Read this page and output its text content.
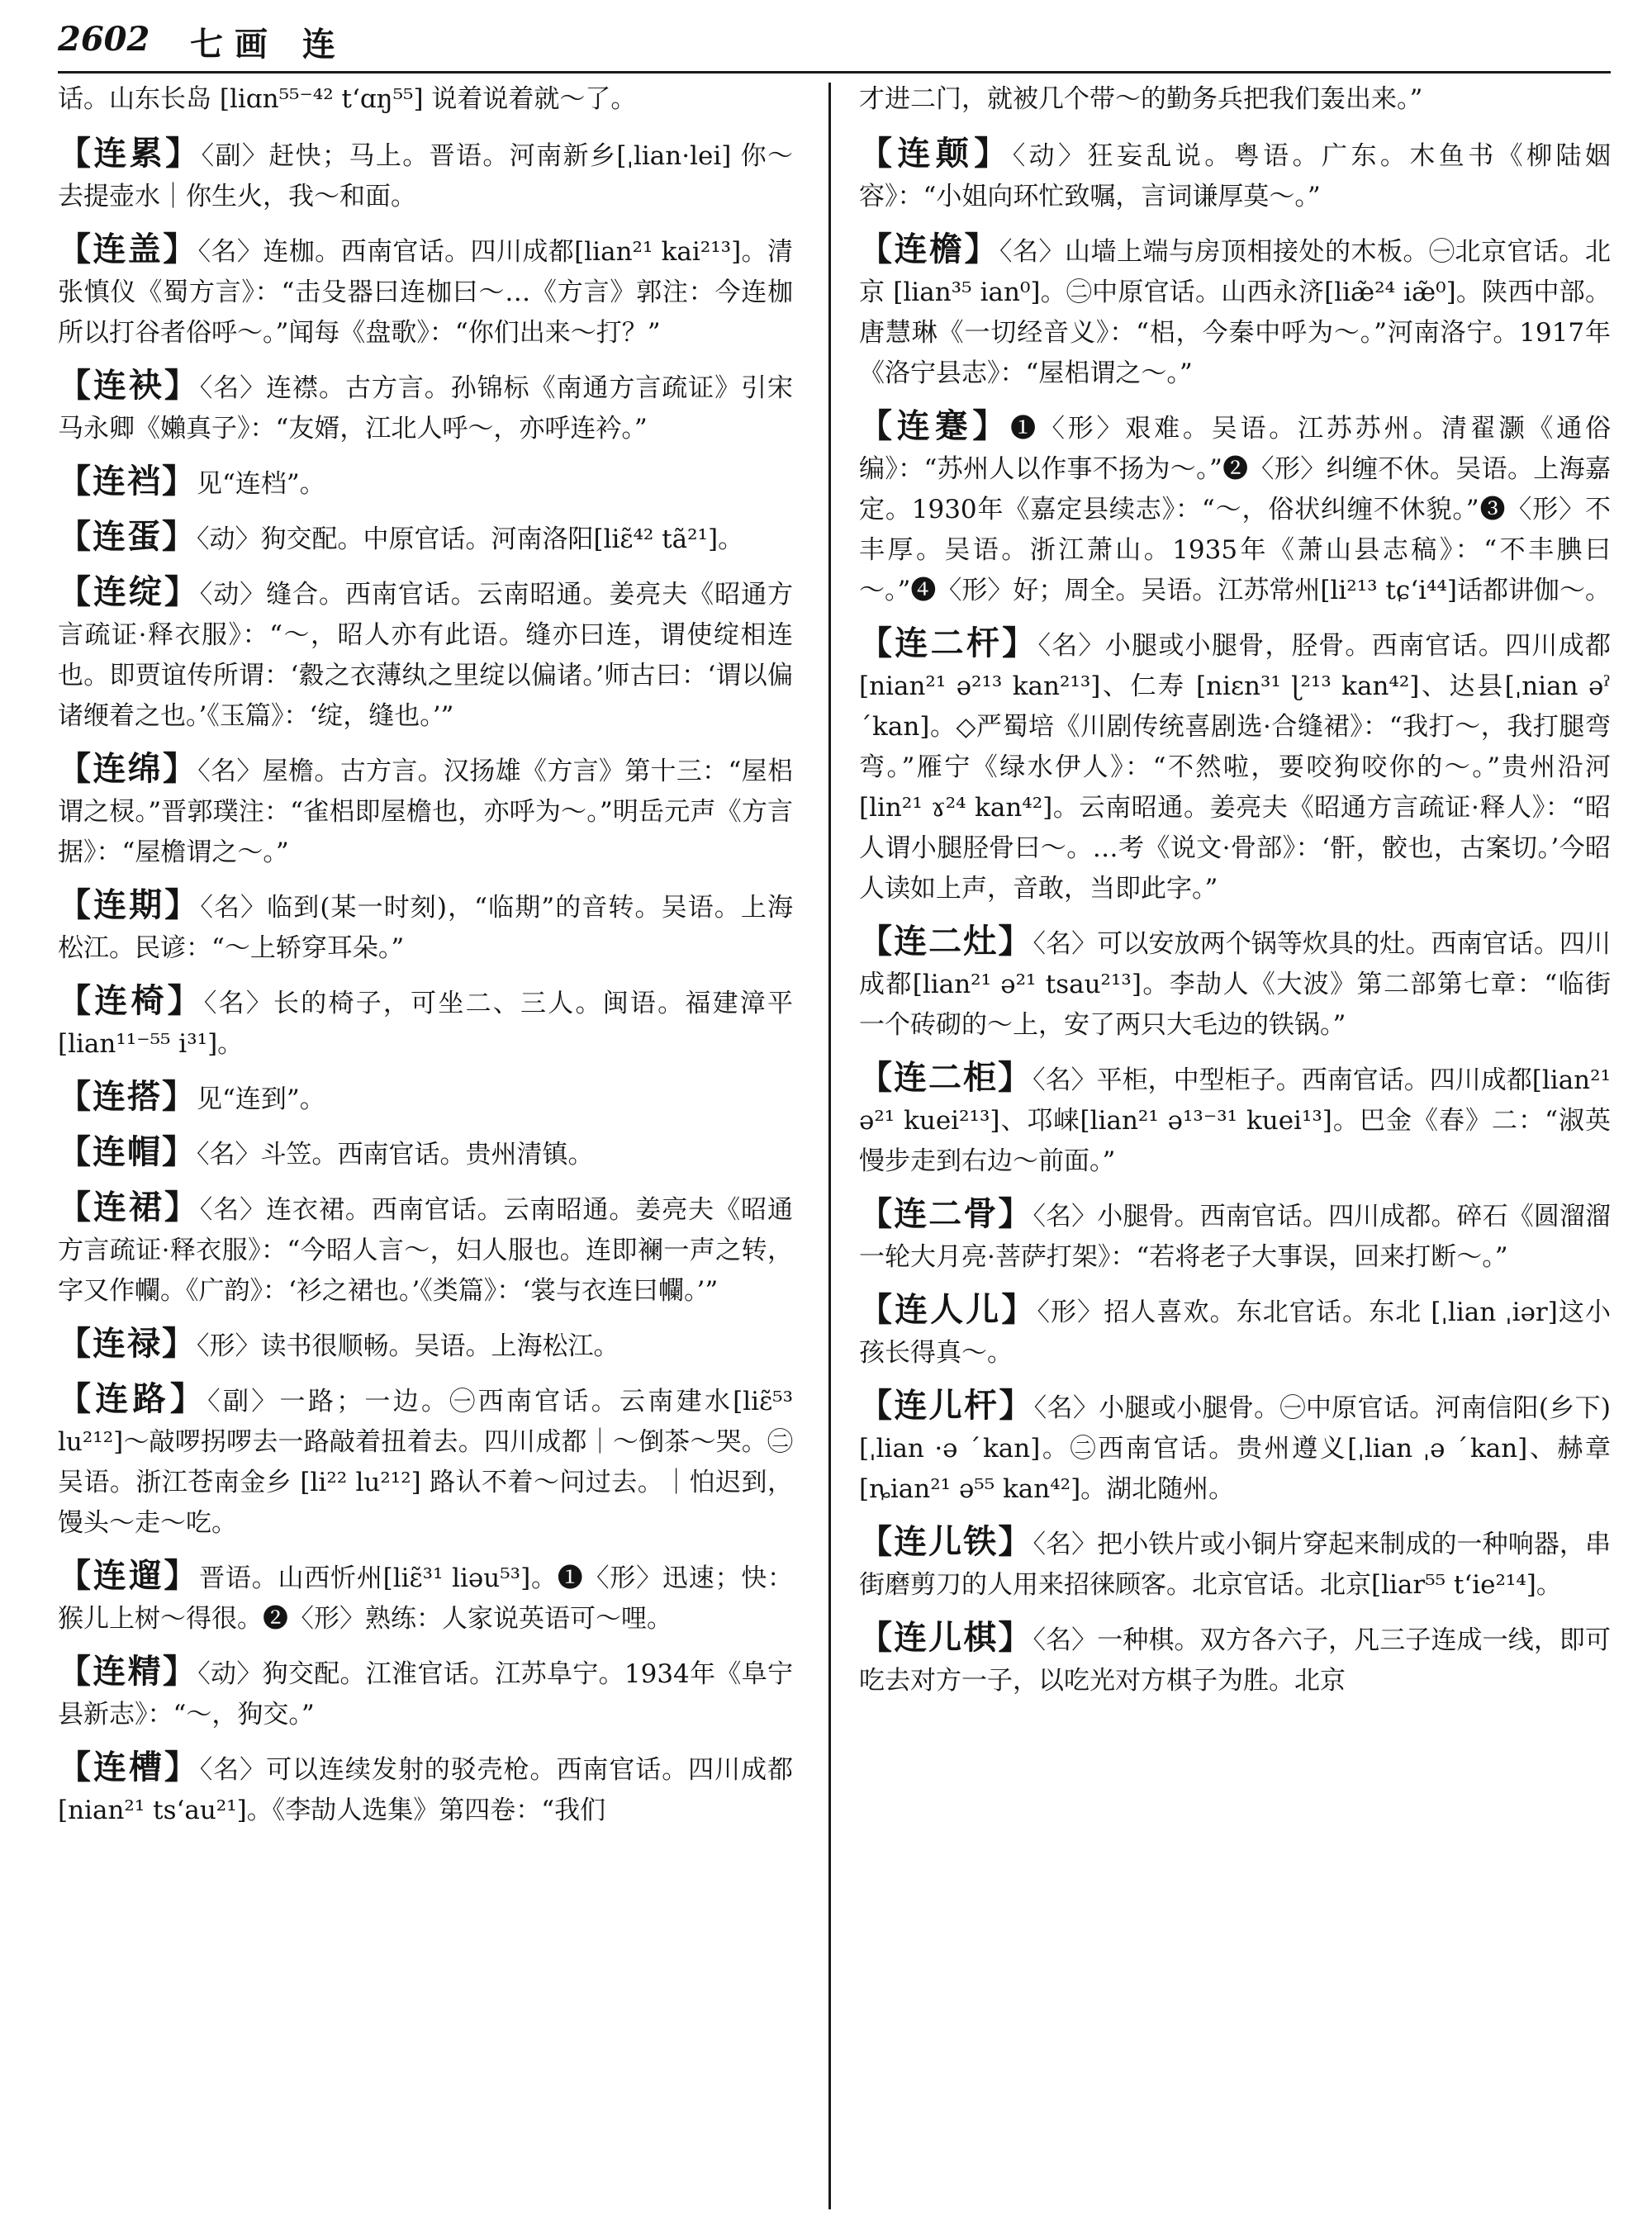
2602 七画 连
话。山东长岛 [liɑn⁵⁵⁻⁴² tʻɑŋ⁵⁵] 说着说着就～了。
【连累】〈副〉赶快；马上。晋语。河南新乡[ˌlian·lei] 你～去提壶水｜你生火，我～和面。
【连盖】〈名〉连枷。西南官话。四川成都[lian²¹ kai²¹³]。清张慎仪《蜀方言》：“击殳器曰连枷曰～…《方言》郭注：今连枷所以打谷者俗呼～。”闻每《盘歌》：“你们出来～打？”
【连袂】〈名〉连襟。古方言。孙锦标《南通方言疏证》引宋马永卿《嬾真子》：“友婿，江北人呼～，亦呼连衿。”
【连裆】见“连档”。
【连蛋】〈动〉狗交配。中原官话。河南洛阳[liɛ̃⁴² tã²¹]。
【连绽】〈动〉缝合。西南官话。云南昭通。姜亮夫《昭通方言疏证·释衣服》：“～，昭人亦有此语。缝亦曰连，谓使绽相连也。即贾谊传所谓：‘縠之衣薄纨之里绽以偏诸。’师古曰：‘谓以偏诸缏着之也。’《玉篇》：‘绽，缝也。’”
【连绵】〈名〉屋檐。古方言。汉扬雄《方言》第十三：“屋梠谓之棂。”晋郭璞注：“雀梠即屋檐也，亦呼为～。”明岳元声《方言据》：“屋檐谓之～。”
【连期】〈名〉临到(某一时刻)，“临期”的音转。吴语。上海松江。民谚：“～上轿穿耳朵。”
【连椅】〈名〉长的椅子，可坐二、三人。闽语。福建漳平[lian¹¹⁻⁵⁵ i³¹]。
【连搭】见“连到”。
【连帽】〈名〉斗笠。西南官话。贵州清镇。
【连裙】〈名〉连衣裙。西南官话。云南昭通。姜亮夫《昭通方言疏证·释衣服》：“今昭人言～，妇人服也。连即襕一声之转，字又作幱。《广韵》：‘衫之裙也。’《类篇》：‘裳与衣连曰幱。’”
【连禄】〈形〉读书很顺畅。吴语。上海松江。
【连路】〈副〉一路；一边。㊀西南官话。云南建水[liɛ̃⁵³ lu²¹²]～敲啰拐啰去一路敲着扭着去。四川成都｜～倒茶～哭。㊁吴语。浙江苍南金乡 [li²² lu²¹²] 路认不着～问过去。｜怕迟到，馒头～走～吃。
【连遛】晋语。山西忻州[liɛ̃³¹ liəu⁵³]。❶〈形〉迅速；快：猴儿上树～得很。❷〈形〉熟练：人家说英语可～哩。
【连精】〈动〉狗交配。江淮官话。江苏阜宁。1934年《阜宁县新志》：“～，狗交。”
【连槽】〈名〉可以连续发射的驳壳枪。西南官话。四川成都[nian²¹ tsʻau²¹]。《李劼人选集》第四卷：“我们
才进二门，就被几个带～的勤务兵把我们轰出来。”
【连颠】〈动〉狂妄乱说。粤语。广东。木鱼书《柳陆姻容》：“小姐向环忙致嘱，言词谦厚莫～。”
【连檐】〈名〉山墙上端与房顶相接处的木板。㊀北京官话。北京 [lian³⁵ ian⁰]。㊁中原官话。山西永济[liæ̃²⁴ iæ̃⁰]。陕西中部。唐慧琳《一切经音义》：“梠，今秦中呼为～。”河南洛宁。1917年《洛宁县志》：“屋梠谓之～。”
【连蹇】❶〈形〉艰难。吴语。江苏苏州。清翟灏《通俗编》：“苏州人以作事不扬为～。”❷〈形〉纠缠不休。吴语。上海嘉定。1930年《嘉定县续志》：“～，俗状纠缠不休貌。”❸〈形〉不丰厚。吴语。浙江萧山。1935年《萧山县志稿》：“不丰腆曰～。”❹〈形〉好；周全。吴语。江苏常州[li²¹³ tɕʻi⁴⁴]话都讲伽～。
【连二杆】〈名〉小腿或小腿骨，胫骨。西南官话。四川成都[nian²¹ ə²¹³ kan²¹³]、仁寿 [niɛn³¹ ɭ²¹³ kan⁴²]、达县[ˌnian əˀ ˊkan]。◇严蜀培《川剧传统喜剧选·合缝裙》：“我打～，我打腿弯弯。”雁宁《绿水伊人》：“不然啦，要咬狗咬你的～。”贵州沿河 [lin²¹ ɤ²⁴ kan⁴²]。云南昭通。姜亮夫《昭通方言疏证·释人》：“昭人谓小腿胫骨曰～。…考《说文·骨部》：‘骭，骹也，古案切。’今昭人读如上声，音敢，当即此字。”
【连二灶】〈名〉可以安放两个锅等炊具的灶。西南官话。四川成都[lian²¹ ə²¹ tsau²¹³]。李劼人《大波》第二部第七章：“临街一个砖砌的～上，安了两只大毛边的铁锅。”
【连二柜】〈名〉平柜，中型柜子。西南官话。四川成都[lian²¹ ə²¹ kuei²¹³]、邛崃[lian²¹ ə¹³⁻³¹ kuei¹³]。巴金《春》二：“淑英慢步走到右边～前面。”
【连二骨】〈名〉小腿骨。西南官话。四川成都。碎石《圆溜溜一轮大月亮·菩萨打架》：“若将老子大事误，回来打断～。”
【连人儿】〈形〉招人喜欢。东北官话。东北 [ˌlian ˌiər]这小孩长得真～。
【连儿杆】〈名〉小腿或小腿骨。㊀中原官话。河南信阳(乡下)[ˌlian ·ə ˊkan]。㊁西南官话。贵州遵义[ˌlian ˌə ˊkan]、赫章 [ȵian²¹ ə⁵⁵ kan⁴²]。湖北随州。
【连儿铁】〈名〉把小铁片或小铜片穿起来制成的一种响器，串街磨剪刀的人用来招徕顾客。北京官话。北京[liar⁵⁵ tʻie²¹⁴]。
【连儿棋】〈名〉一种棋。双方各六子，凡三子连成一线，即可吃去对方一子，以吃光对方棋子为胜。北京
